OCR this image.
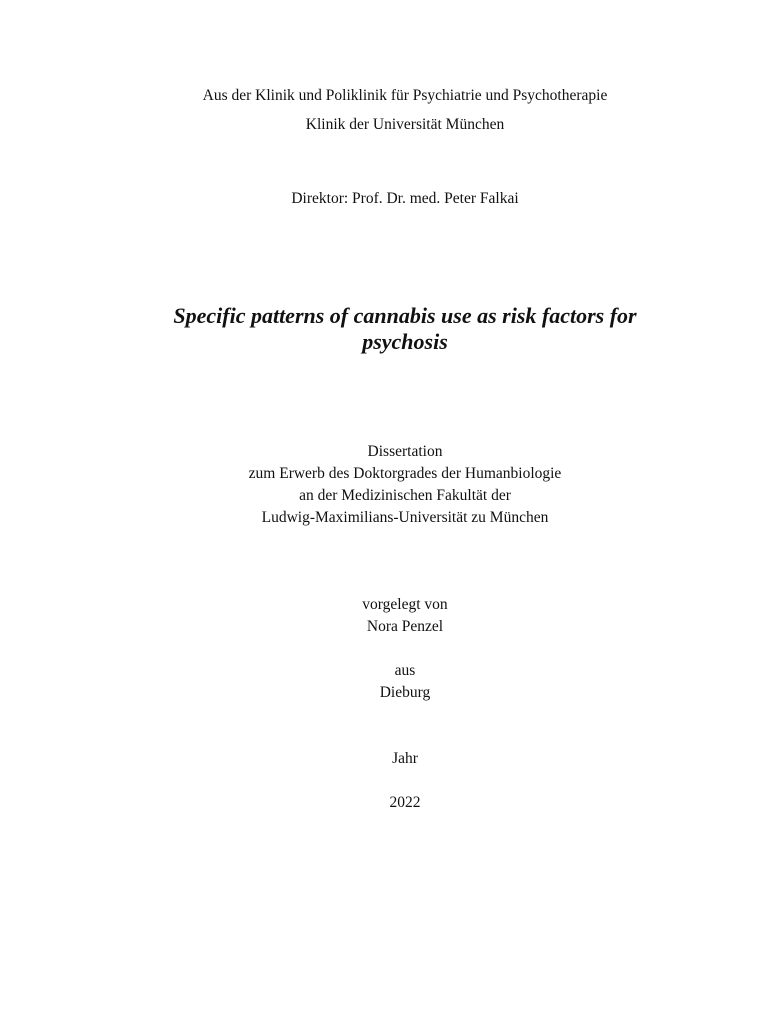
Aus der Klinik und Poliklinik für Psychiatrie und Psychotherapie
Klinik der Universität München
Direktor: Prof. Dr. med. Peter Falkai
Specific patterns of cannabis use as risk factors for
psychosis
Dissertation
zum Erwerb des Doktorgrades der Humanbiologie
an der Medizinischen Fakultät der
Ludwig-Maximilians-Universität zu München
vorgelegt von
Nora Penzel
aus
Dieburg
Jahr
2022
